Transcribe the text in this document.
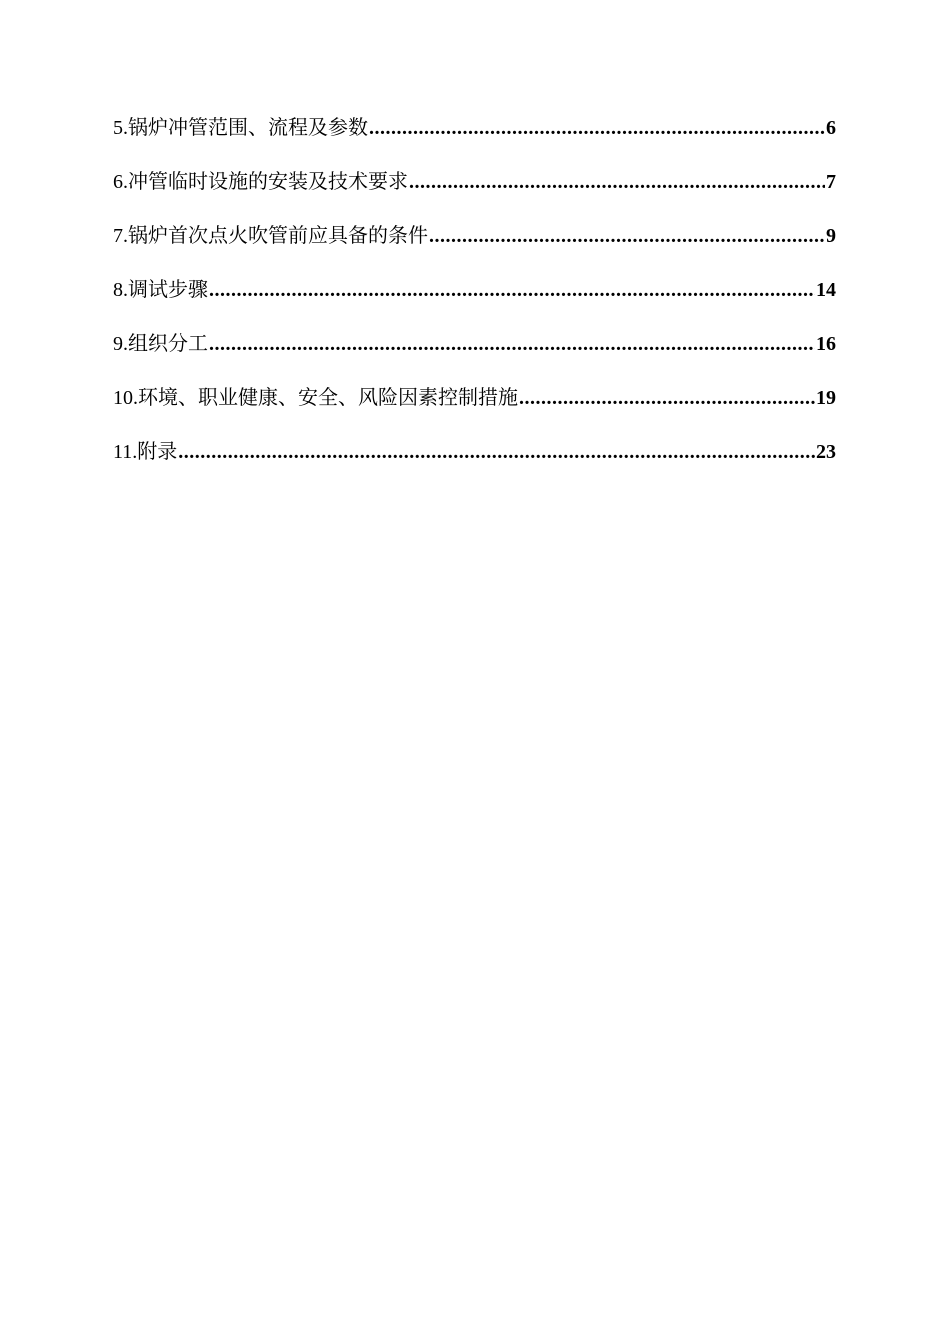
5. 锅炉冲管范围、流程及参数 .....	6
6. 冲管临时设施的安装及技术要求 .....	7
7. 锅炉首次点火吹管前应具备的条件 .....	9
8. 调试步骤 .....	14
9. 组织分工 .....	16
10. 环境、职业健康、安全、风险因素控制措施 .....	19
11. 附录 .....	23
